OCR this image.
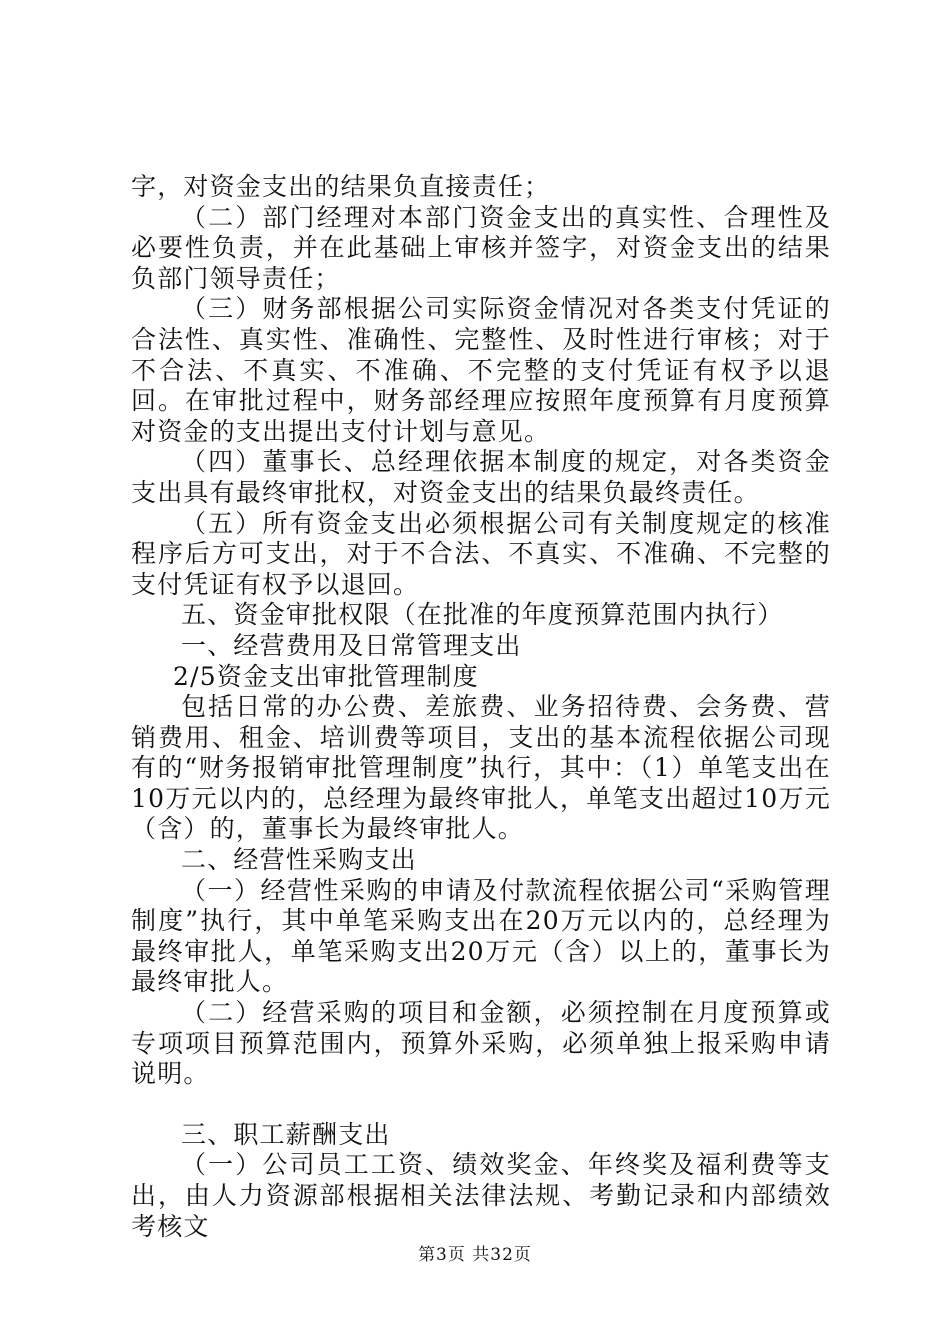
字，对资金支出的结果负直接责任；

（二）部门经理对本部门资金支出的真实性、合理性及必要性负责，并在此基础上审核并签字，对资金支出的结果负部门领导责任；

（三）财务部根据公司实际资金情况对各类支付凭证的合法性、真实性、准确性、完整性、及时性进行审核；对于不合法、不真实、不准确、不完整的支付凭证有权予以退回。在审批过程中，财务部经理应按照年度预算有月度预算对资金的支出提出支付计划与意见。

（四）董事长、总经理依据本制度的规定，对各类资金支出具有最终审批权，对资金支出的结果负最终责任。

（五）所有资金支出必须根据公司有关制度规定的核准程序后方可支出，对于不合法、不真实、不准确、不完整的支付凭证有权予以退回。

五、资金审批权限（在批准的年度预算范围内执行）

一、经营费用及日常管理支出

2/5资金支出审批管理制度

包括日常的办公费、差旅费、业务招待费、会务费、营销费用、租金、培训费等项目，支出的基本流程依据公司现有的“财务报销审批管理制度”执行，其中：（1）单笔支出在10万元以内的，总经理为最终审批人，单笔支出超过10万元（含）的，董事长为最终审批人。

二、经营性采购支出

（一）经营性采购的申请及付款流程依据公司“采购管理制度”执行，其中单笔采购支出在20万元以内的，总经理为最终审批人，单笔采购支出20万元（含）以上的，董事长为最终审批人。

（二）经营采购的项目和金额，必须控制在月度预算或专项项目预算范围内，预算外采购，必须单独上报采购申请说明。

三、职工薪酬支出

（一）公司员工工资、绩效奖金、年终奖及福利费等支出，由人力资源部根据相关法律法规、考勤记录和内部绩效考核文

第3页 共32页
